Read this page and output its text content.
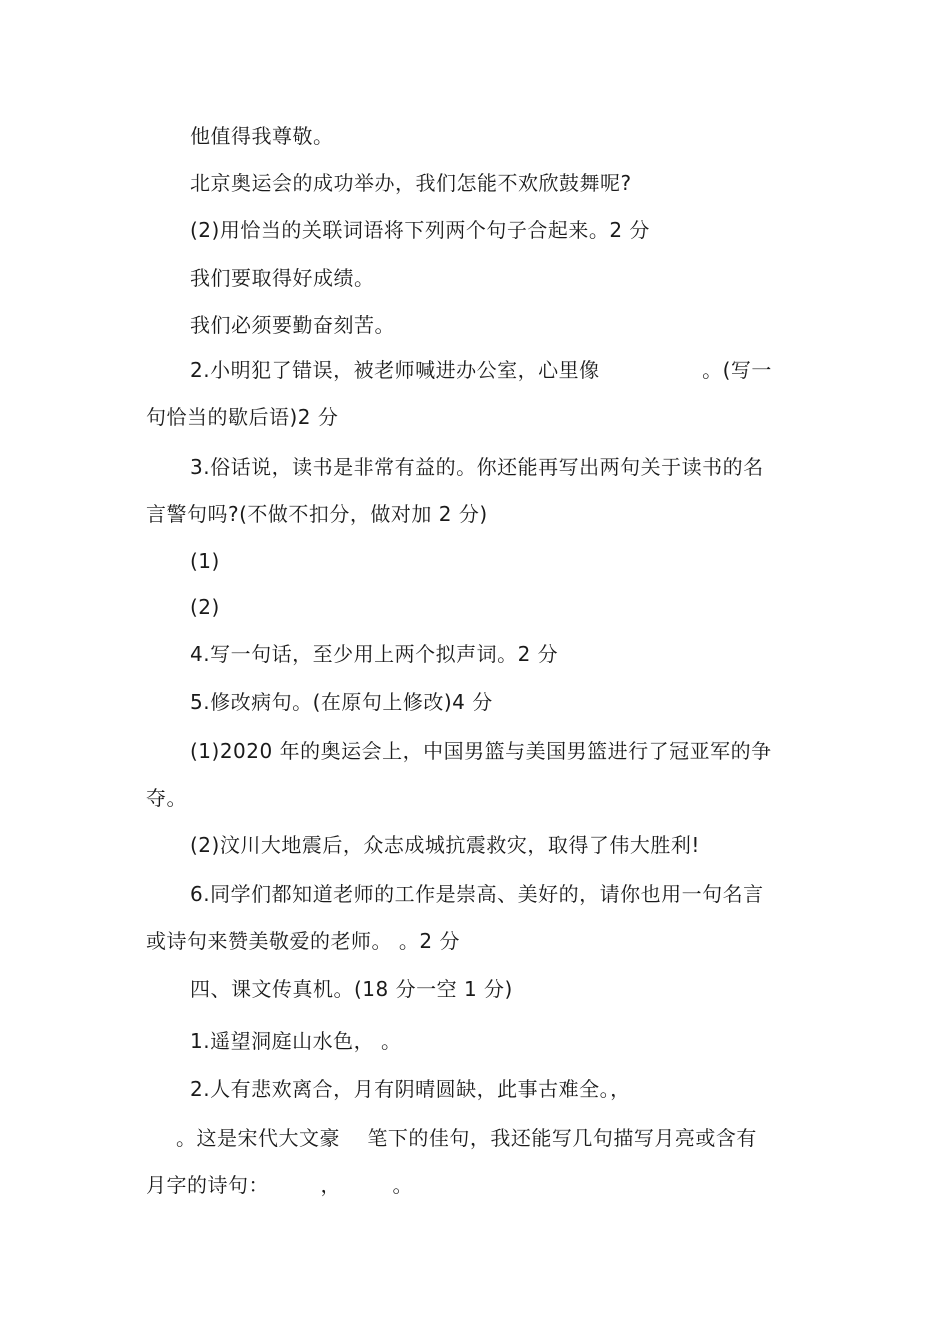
他值得我尊敬。
北京奥运会的成功举办，我们怎能不欢欣鼓舞呢?
(2)用恰当的关联词语将下列两个句子合起来。2 分
我们要取得好成绩。
我们必须要勤奋刻苦。
2.小明犯了错误，被老师喊进办公室，心里像　　　　　。(写一
句恰当的歇后语)2 分
3.俗话说，读书是非常有益的。你还能再写出两句关于读书的名
言警句吗?(不做不扣分，做对加 2 分)
(1)
(2)
4.写一句话，至少用上两个拟声词。2 分
5.修改病句。(在原句上修改)4 分
(1)2020 年的奥运会上，中国男篮与美国男篮进行了冠亚军的争
夺。
(2)汶川大地震后，众志成城抗震救灾，取得了伟大胜利!
6.同学们都知道老师的工作是崇高、美好的，请你也用一句名言
或诗句来赞美敬爱的老师。 。2 分
四、课文传真机。(18 分一空 1 分)
1.遥望洞庭山水色， 。
2.人有悲欢离合，月有阴晴圆缺，此事古难全。，
。这是宋代大文豪　 笔下的佳句，我还能写几句描写月亮或含有
月字的诗句：　　　，　　　。
